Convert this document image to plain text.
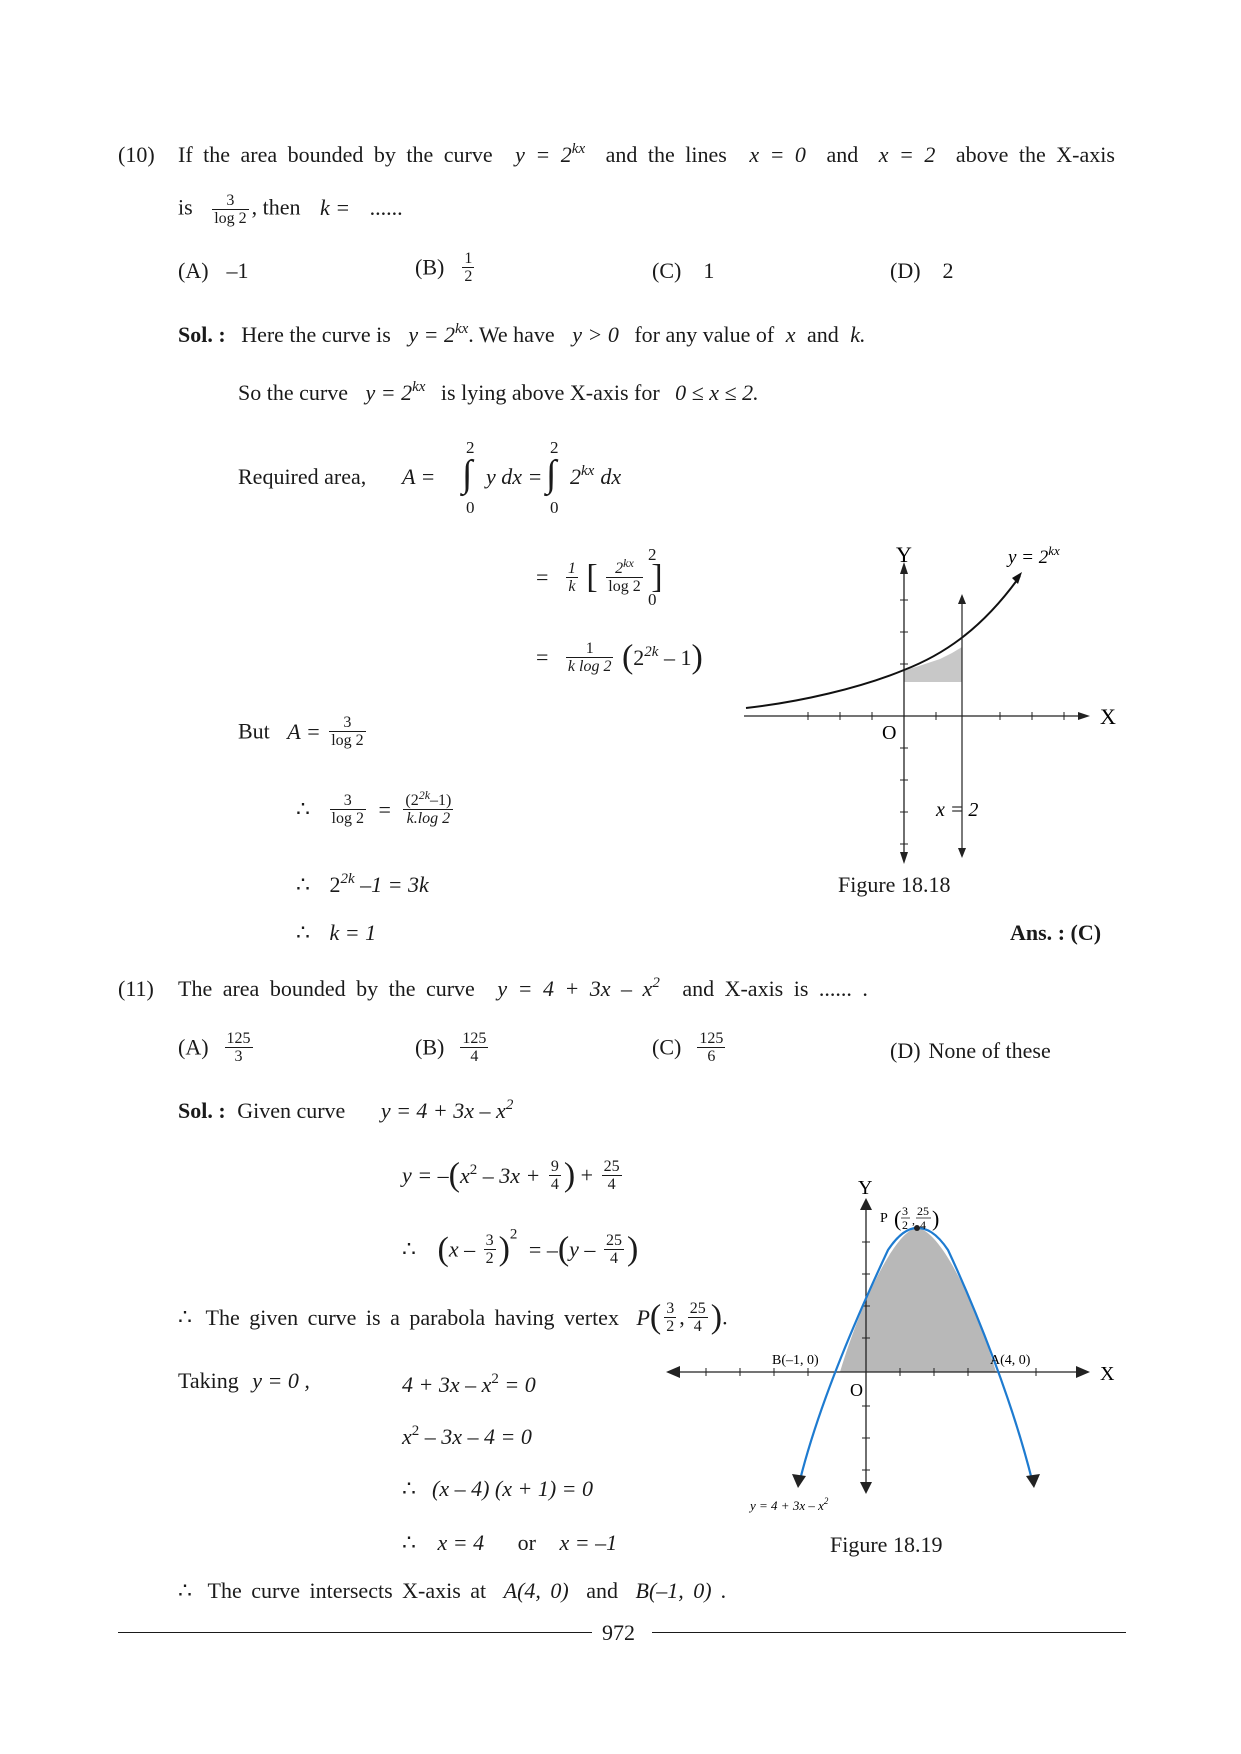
(10) If the area bounded by the curve $y = 2^{kx}$ and the lines x = 0 and x = 2 above the X-axis
is $\frac{3}{\log 2}$ , then k = ......
(A) –1	$(B) \frac{1}{2}$	(C) 1	(D) 2
Sol. : Here the curve is $y = 2^{kx}$. We have y > 0 for any value of x and k.
So the curve $y = 2^{kx}$ is lying above X-axis for 0 ≤ x ≤ 2.
Required area, A =
2
∫
0
y dx =
2
∫
0
$2^{kx}$ dx
= $\frac{1}{k}$ [ $\frac{2^{kx}}{\log 2}$ ]
2
0
= $\frac{1}{\text{k log 2}} (2^{2k} - 1)$
But $A = \frac{3}{\log 2}$
∴ $\frac{3}{\log 2} = \frac{(2^{2k}-1)}{k.\log 2}$
∴ $2^{2k}$ –1 = 3k
∴ k = 1	Ans. : (C)
Y
X
O
$y = 2^{kx}$
x = 2
Figure 18.18
(11) The area bounded by the curve $y = 4 + 3x - x^2$ and X-axis is ...... .
$(A) \frac{125}{3}$	$(B) \frac{125}{4}$	$(C) \frac{125}{6}$	(D) None of these
Sol. : Given curve $y = 4 + 3x - x^2$
$y = -(x^2 - 3x + \frac{9}{4}$ ) + $\frac{25}{4}$
∴ $(x - \frac{3}{2} )^2 = -(y - \frac{25}{4}$ )
∴ The given curve is a parabola having vertex $P( \frac{3}{2}$ , $\frac{25}{4}$ ).
Taking y = 0 ,	$4 + 3x - x^2 = 0$
$x^2 - 3x - 4 = 0$
∴ (x – 4) (x + 1) = 0
∴ x = 4 or x = –1
∴ The curve intersects X-axis at A(4, 0) and B(–1, 0) .
Y
X
O
B(–1, 0)	A(4, 0)
P ( 3
2 ,
25
4 )
$y = 4 + 3x - x^2$
Figure 18.19
972
